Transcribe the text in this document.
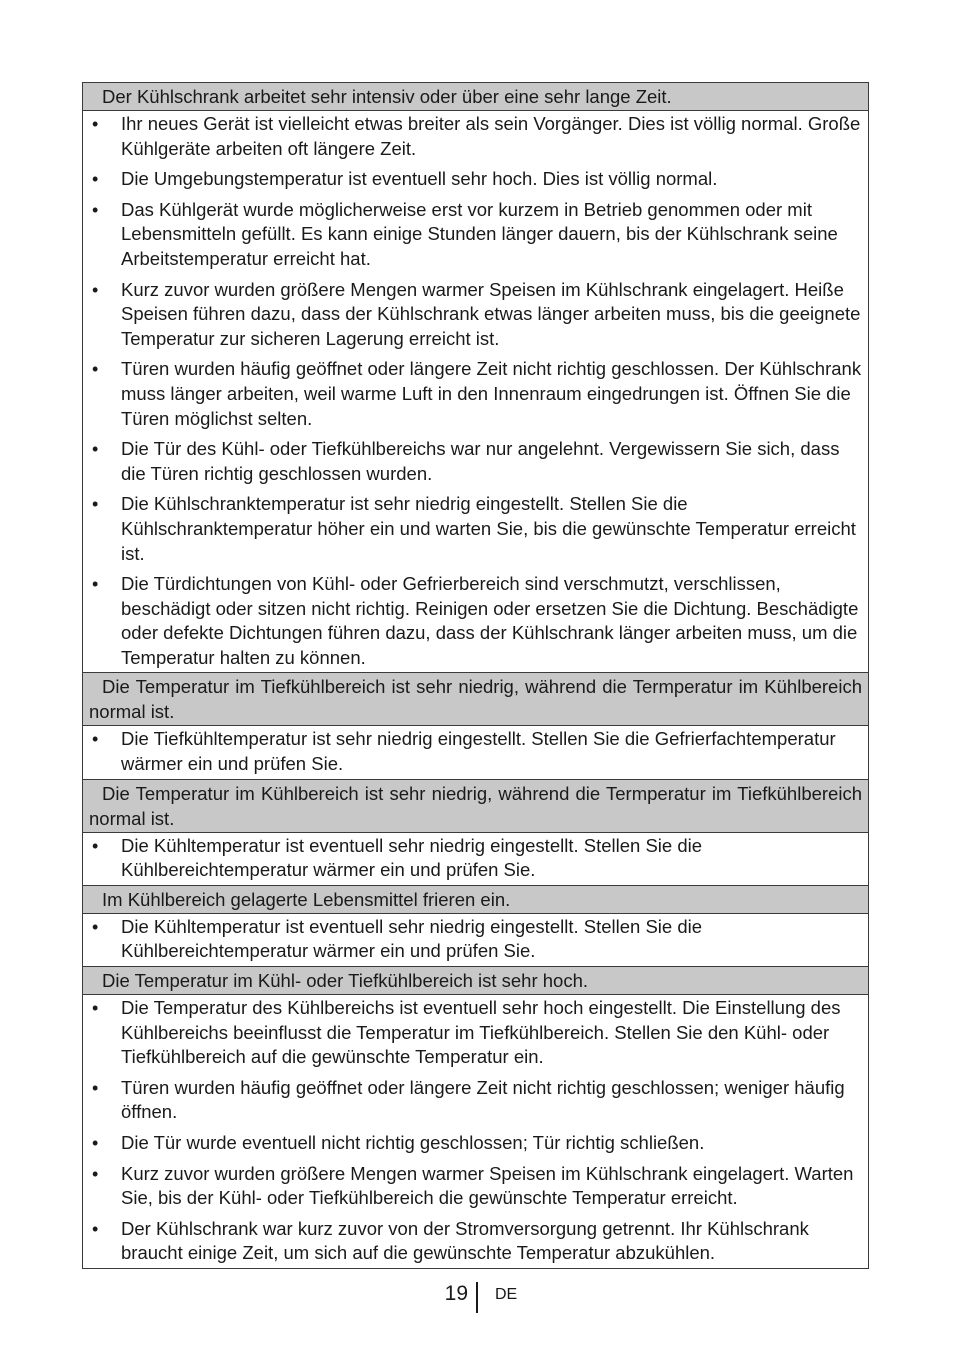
Der Kühlschrank arbeitet sehr intensiv oder über eine sehr lange Zeit.

• Ihr neues Gerät ist vielleicht etwas breiter als sein Vorgänger. Dies ist völlig normal. Große Kühlgeräte arbeiten oft längere Zeit.
• Die Umgebungstemperatur ist eventuell sehr hoch. Dies ist völlig normal.
• Das Kühlgerät wurde möglicherweise erst vor kurzem in Betrieb genommen oder mit Lebensmitteln gefüllt. Es kann einige Stunden länger dauern, bis der Kühlschrank seine Arbeitstemperatur erreicht hat.
• Kurz zuvor wurden größere Mengen warmer Speisen im Kühlschrank eingelagert. Heiße Speisen führen dazu, dass der Kühlschrank etwas länger arbeiten muss, bis die geeignete Temperatur zur sicheren Lagerung erreicht ist.
• Türen wurden häufig geöffnet oder längere Zeit nicht richtig geschlossen. Der Kühlschrank muss länger arbeiten, weil warme Luft in den Innenraum eingedrungen ist. Öffnen Sie die Türen möglichst selten.
• Die Tür des Kühl- oder Tiefkühlbereichs war nur angelehnt. Vergewissern Sie sich, dass die Türen richtig geschlossen wurden.
• Die Kühlschranktemperatur ist sehr niedrig eingestellt. Stellen Sie die Kühlschranktemperatur höher ein und warten Sie, bis die gewünschte Temperatur erreicht ist.
• Die Türdichtungen von Kühl- oder Gefrierbereich sind verschmutzt, verschlissen, beschädigt oder sitzen nicht richtig. Reinigen oder ersetzen Sie die Dichtung. Beschädigte oder defekte Dichtungen führen dazu, dass der Kühlschrank länger arbeiten muss, um die Temperatur halten zu können.

Die Temperatur im Tiefkühlbereich ist sehr niedrig, während die Termperatur im Kühlbereich normal ist.

• Die Tiefkühltemperatur ist sehr niedrig eingestellt. Stellen Sie die Gefrierfachtemperatur wärmer ein und prüfen Sie.

Die Temperatur im Kühlbereich ist sehr niedrig, während die Termperatur im Tiefkühlbereich normal ist.

• Die Kühltemperatur ist eventuell sehr niedrig eingestellt. Stellen Sie die Kühlbereichtemperatur wärmer ein und prüfen Sie.

Im Kühlbereich gelagerte Lebensmittel frieren ein.

• Die Kühltemperatur ist eventuell sehr niedrig eingestellt. Stellen Sie die Kühlbereichtemperatur wärmer ein und prüfen Sie.

Die Temperatur im Kühl- oder Tiefkühlbereich ist sehr hoch.

• Die Temperatur des Kühlbereichs ist eventuell sehr hoch eingestellt. Die Einstellung des Kühlbereichs beeinflusst die Temperatur im Tiefkühlbereich. Stellen Sie den Kühl- oder Tiefkühlbereich auf die gewünschte Temperatur ein.
• Türen wurden häufig geöffnet oder längere Zeit nicht richtig geschlossen; weniger häufig öffnen.
• Die Tür wurde eventuell nicht richtig geschlossen; Tür richtig schließen.
• Kurz zuvor wurden größere Mengen warmer Speisen im Kühlschrank eingelagert. Warten Sie, bis der Kühl- oder Tiefkühlbereich die gewünschte Temperatur erreicht.
• Der Kühlschrank war kurz zuvor von der Stromversorgung getrennt. Ihr Kühlschrank braucht einige Zeit, um sich auf die gewünschte Temperatur abzukühlen.
19 DE
